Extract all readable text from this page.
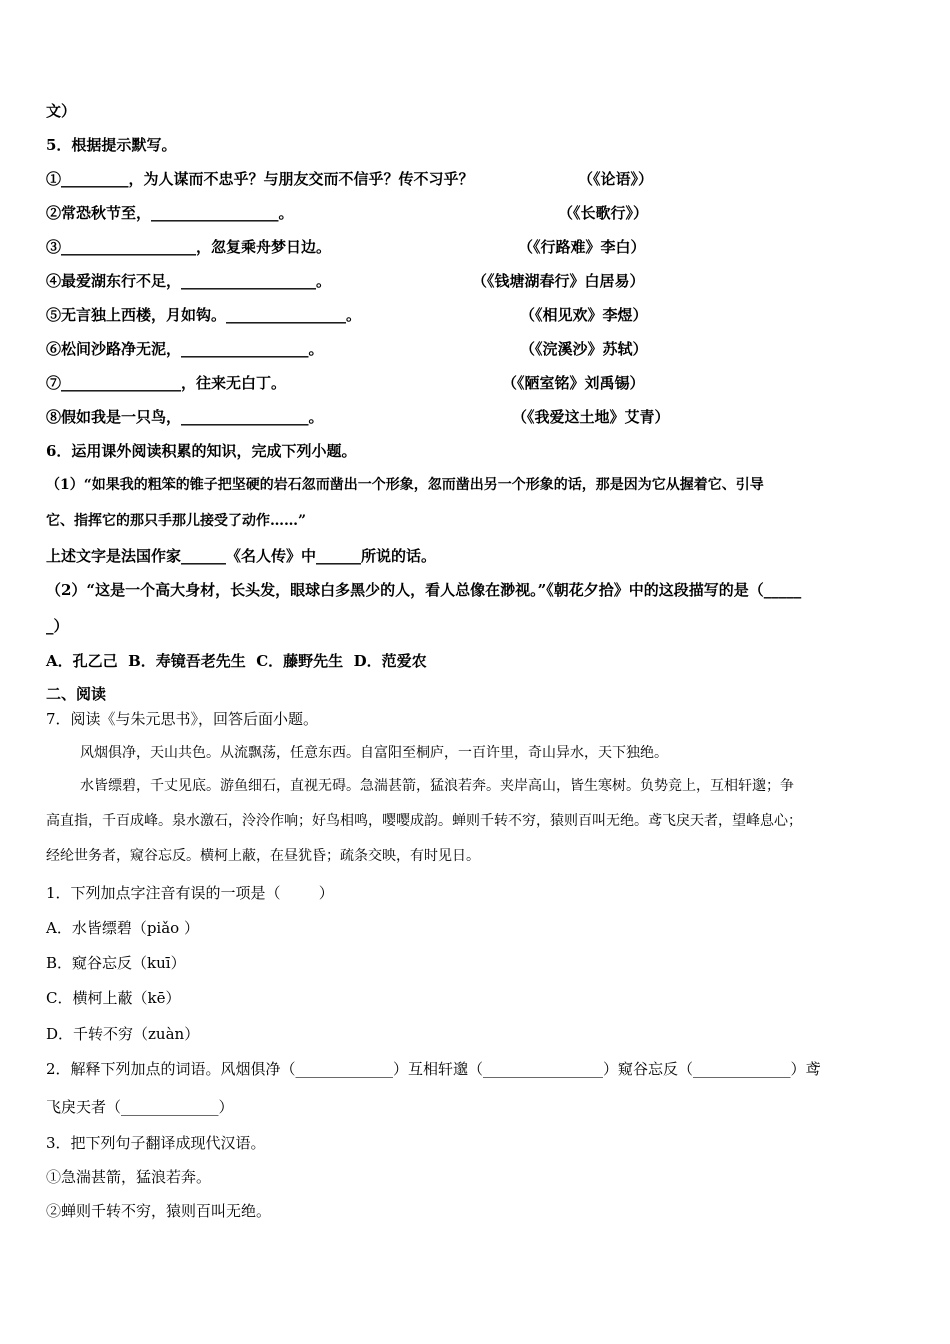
文）
5．根据提示默写。
①_________，为人谋而不忠乎？与朋友交而不信乎？传不习乎？	（《论语》）
②常恐秋节至，_________________。	（《长歌行》）
③__________________，忽复乘舟梦日边。	（《行路难》李白）
④最爱湖东行不足，__________________。	（《钱塘湖春行》白居易）
⑤无言独上西楼，月如钩。________________。	（《相见欢》李煜）
⑥松间沙路净无泥，_________________。	（《浣溪沙》苏轼）
⑦________________，往来无白丁。	（《陋室铭》刘禹锡）
⑧假如我是一只鸟，_________________。	（《我爱这土地》艾青）
6．运用课外阅读积累的知识，完成下列小题。
（1）“如果我的粗笨的锥子把坚硬的岩石忽而凿出一个形象，忽而凿出另一个形象的话，那是因为它从握着它、引导
它、指挥它的那只手那儿接受了动作……”
上述文字是法国作家______《名人传》中______所说的话。
（2）“这是一个高大身材，长头发，眼球白多黑少的人，看人总像在渺视。”《朝花夕拾》中的这段描写的是（_____
_）
A．孔乙己  B．寿镜吾老先生  C．藤野先生  D．范爱农
二、阅读
7．阅读《与朱元思书》，回答后面小题。
风烟俱净，天山共色。从流飘荡，任意东西。自富阳至桐庐，一百许里，奇山异水，天下独绝。
水皆缥碧，千丈见底。游鱼细石，直视无碍。急湍甚箭，猛浪若奔。夹岸高山，皆生寒树。负势竞上，互相轩邈；争
高直指，千百成峰。泉水激石，泠泠作响；好鸟相鸣，嘤嘤成韵。蝉则千转不穷，猿则百叫无绝。鸢飞戾天者，望峰息心；
经纶世务者，窥谷忘反。横柯上蔽，在昼犹昏；疏条交映，有时见日。
1．下列加点字注音有误的一项是（        ）
A．水皆缥碧（piǎo ）
B．窥谷忘反（kuī）
C．横柯上蔽（kē）
D．千转不穷（zuàn）
2．解释下列加点的词语。风烟俱净（_____________）互相轩邈（________________）窥谷忘反（_____________）鸢
飞戾天者（_____________）
3．把下列句子翻译成现代汉语。
①急湍甚箭，猛浪若奔。
②蝉则千转不穷，猿则百叫无绝。
